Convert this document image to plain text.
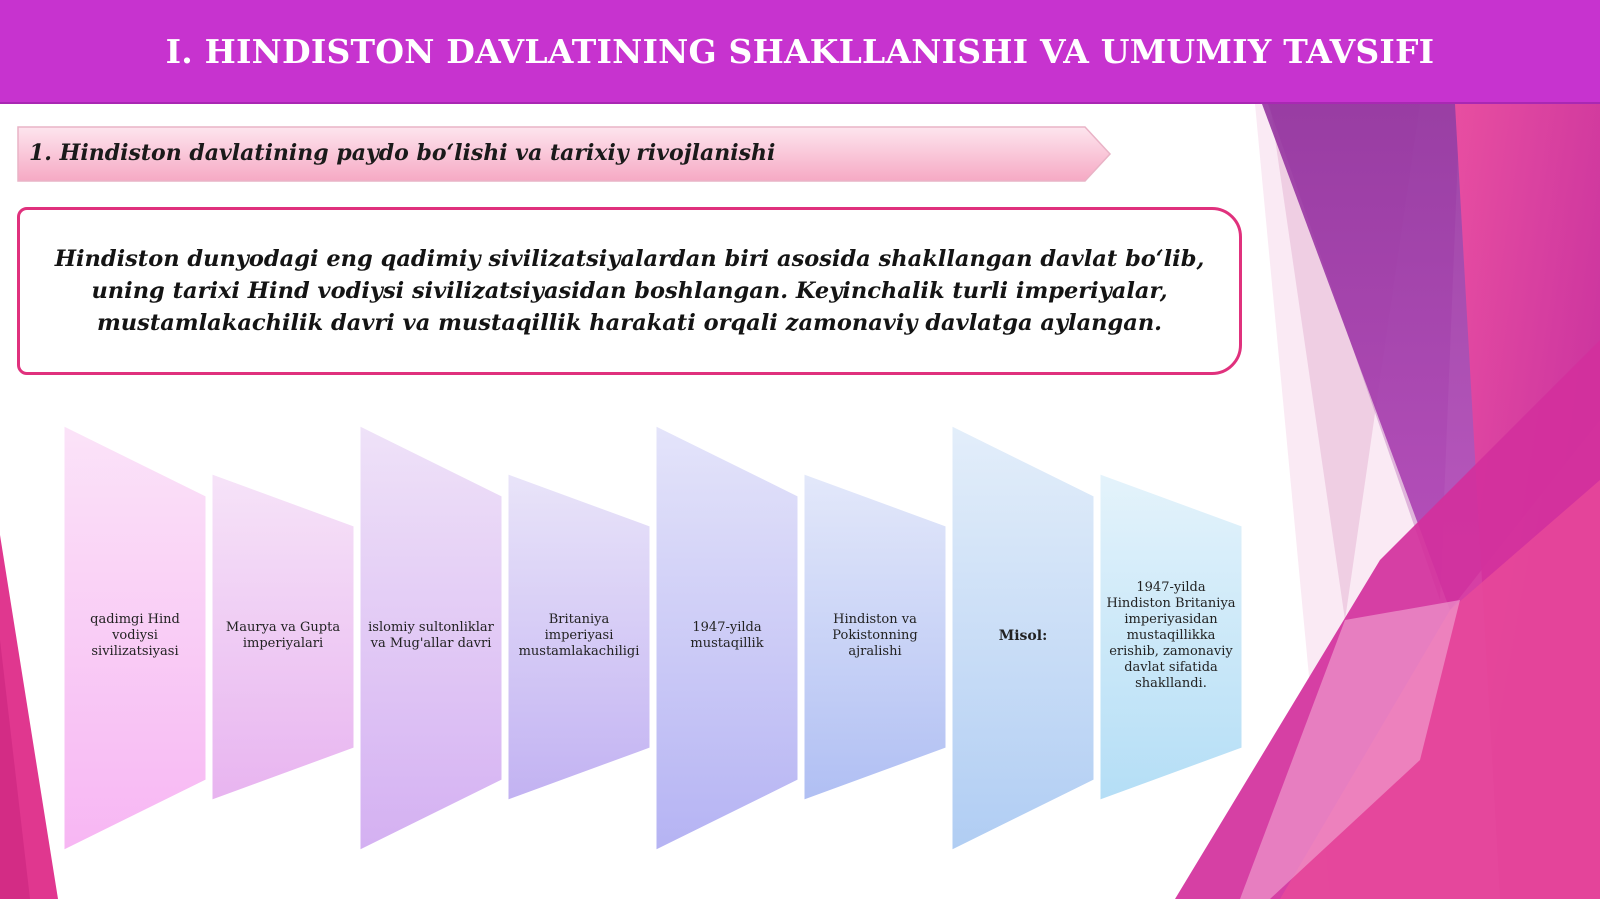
I. HINDISTON DAVLATINING SHAKLLANISHI VA UMUMIY TAVSIFI
1. Hindiston davlatining paydo bo‘lishi va tarixiy rivojlanishi
Hindiston dunyodagi eng qadimiy sivilizatsiyalardan biri asosida shakllangan davlat bo‘lib, uning tarixi Hind vodiysi sivilizatsiyasidan boshlangan. Keyinchalik turli imperiyalar, mustamlakachilik davri va mustaqillik harakati orqali zamonaviy davlatga aylangan.
qadimgi Hind vodiysi sivilizatsiyasi
Maurya va Gupta imperiyalari
islomiy sultonliklar va Mug'allar davri
Britaniya imperiyasi mustamlakachiligi
1947-yilda mustaqillik
Hindiston va Pokistonning ajralishi
Misol:
1947-yilda Hindiston Britaniya imperiyasidan mustaqillikka erishib, zamonaviy davlat sifatida shakllandi.
